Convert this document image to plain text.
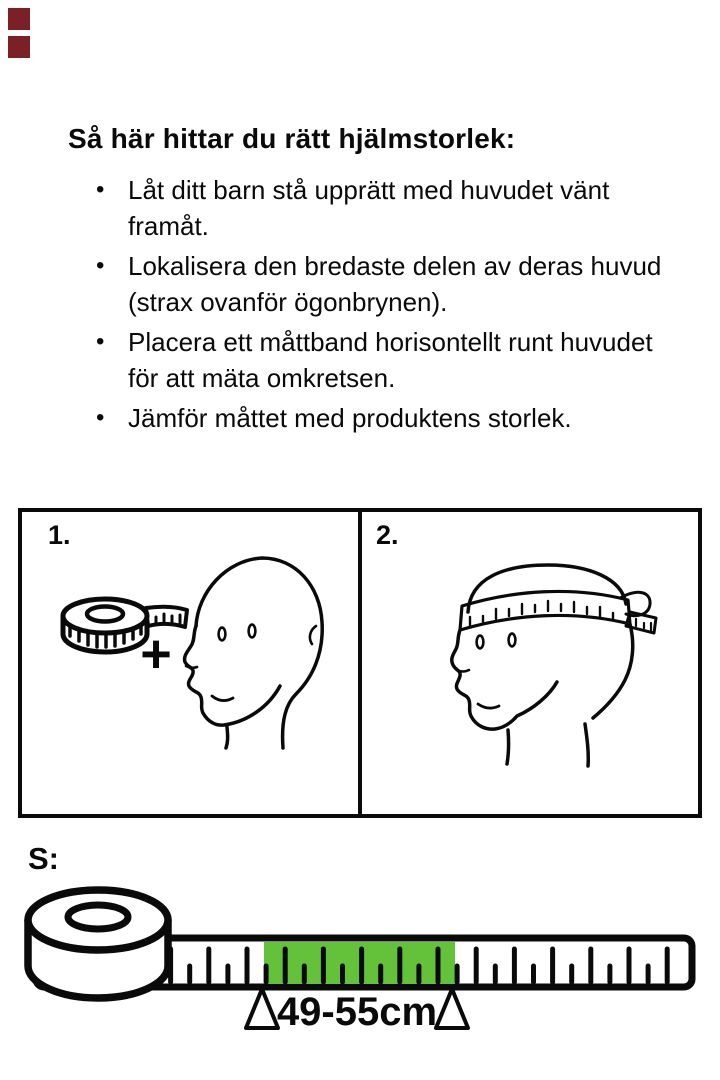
Så här hittar du rätt hjälmstorlek:
• Låt ditt barn stå upprätt med huvudet vänt framåt.
• Lokalisera den bredaste delen av deras huvud (strax ovanför ögonbrynen).
• Placera ett måttband horisontellt runt huvudet för att mäta omkretsen.
• Jämför måttet med produktens storlek.
1.
+
2.
S:
49-55cm
